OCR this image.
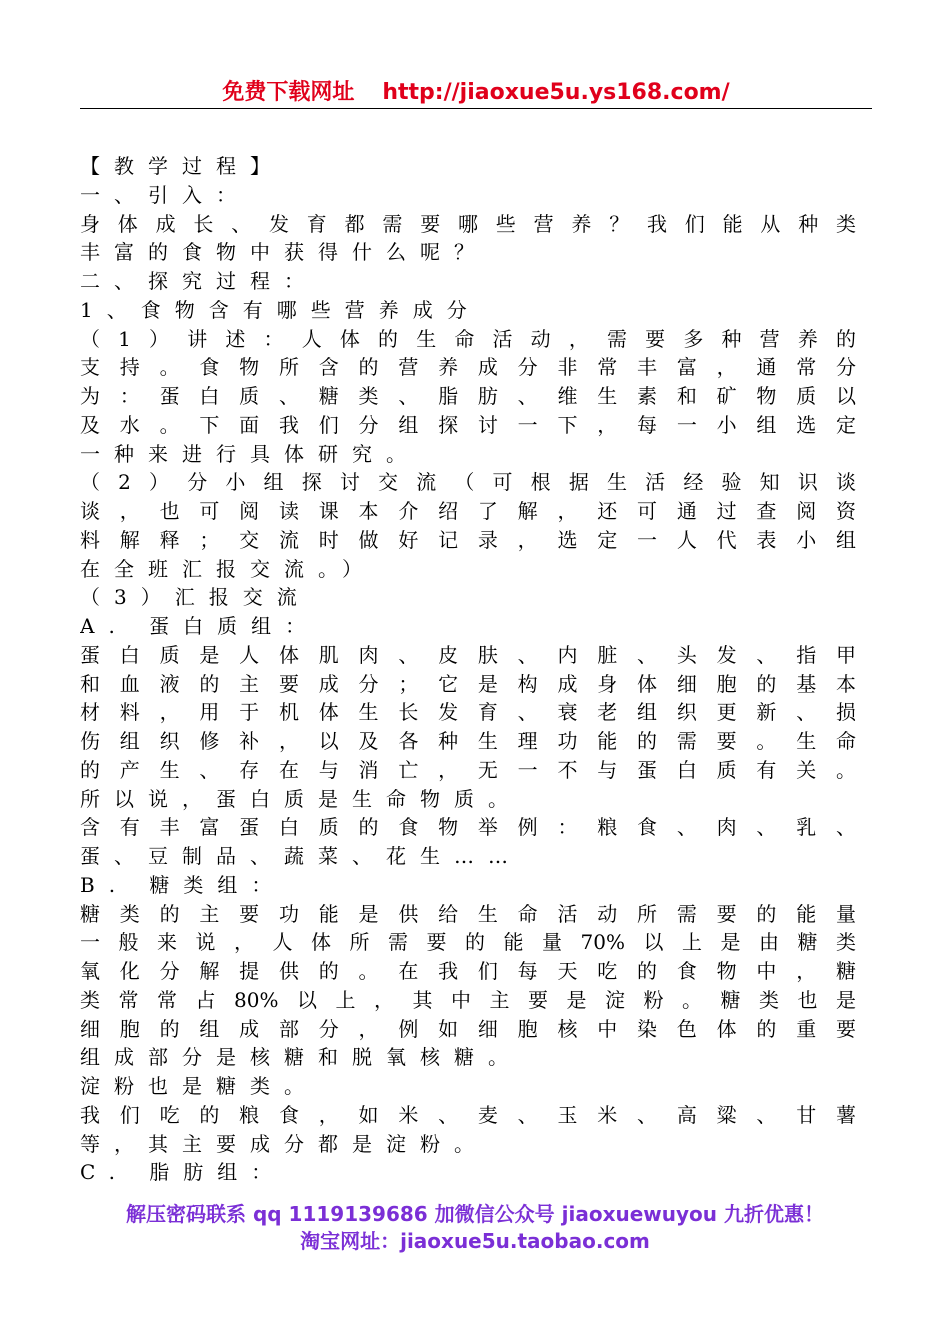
免费下载网址 http://jiaoxue5u.ys168.com/
【教学过程】
一、引入：
身体成长、发育都需要哪些营养？我们能从种类
丰富的食物中获得什么呢？
二、探究过程：
1、食物含有哪些营养成分
（1）讲述：人体的生命活动，需要多种营养的
支持。食物所含的营养成分非常丰富，通常分
为：蛋白质、糖类、脂肪、维生素和矿物质以
及水。下面我们分组探讨一下，每一小组选定
一种来进行具体研究。
（2）分小组探讨交流（可根据生活经验知识谈
谈，也可阅读课本介绍了解，还可通过查阅资
料解释；交流时做好记录，选定一人代表小组
在全班汇报交流。）
（3）汇报交流
A. 蛋白质组：
蛋白质是人体肌肉、皮肤、内脏、头发、指甲
和血液的主要成分；它是构成身体细胞的基本
材料，用于机体生长发育、衰老组织更新、损
伤组织修补，以及各种生理功能的需要。生命
的产生、存在与消亡，无一不与蛋白质有关。
所以说，蛋白质是生命物质。
含有丰富蛋白质的食物举例：粮食、肉、乳、
蛋、豆制品、蔬菜、花生……
B. 糖类组：
糖类的主要功能是供给生命活动所需要的能量
一般来说，人体所需要的能量70%以上是由糖类
氧化分解提供的。在我们每天吃的食物中，糖
类常常占80%以上，其中主要是淀粉。糖类也是
细胞的组成部分，例如细胞核中染色体的重要
组成部分是核糖和脱氧核糖。
淀粉也是糖类。
我们吃的粮食，如米、麦、玉米、高粱、甘薯
等，其主要成分都是淀粉。
C. 脂肪组：
解压密码联系 qq 1119139686 加微信公众号 jiaoxuewuyou 九折优惠！
淘宝网址：jiaoxue5u.taobao.com
